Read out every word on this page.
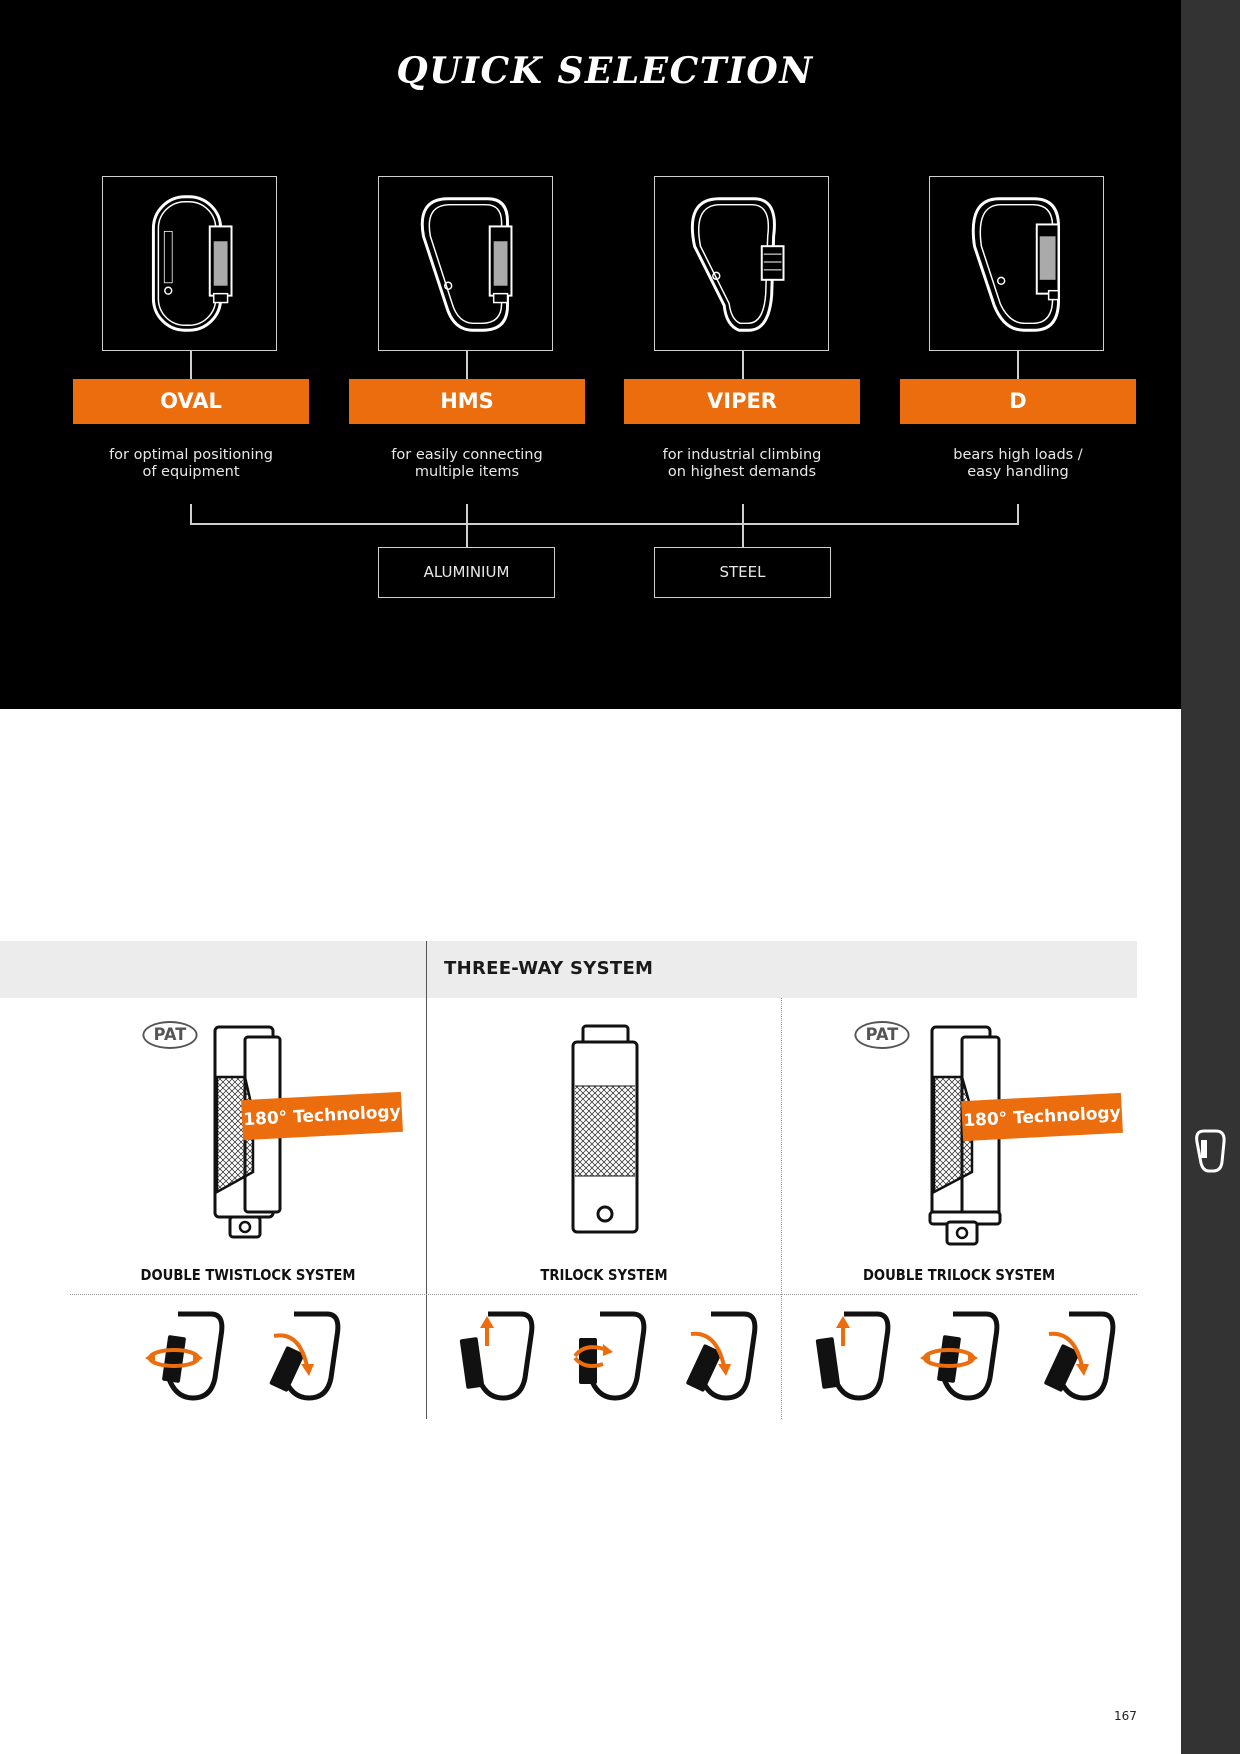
QUICK SELECTION
OVAL	HMS	VIPER	D
for optimal positioning
of equipment
for easily connecting
multiple items
for industrial climbing
on highest demands
bears high loads /
easy handling
ALUMINIUM	STEEL
THREE-WAY SYSTEM
PAT
180° Technology
DOUBLE TWISTLOCK SYSTEM	TRILOCK SYSTEM
PAT
180° Technology
DOUBLE TRILOCK SYSTEM
167
